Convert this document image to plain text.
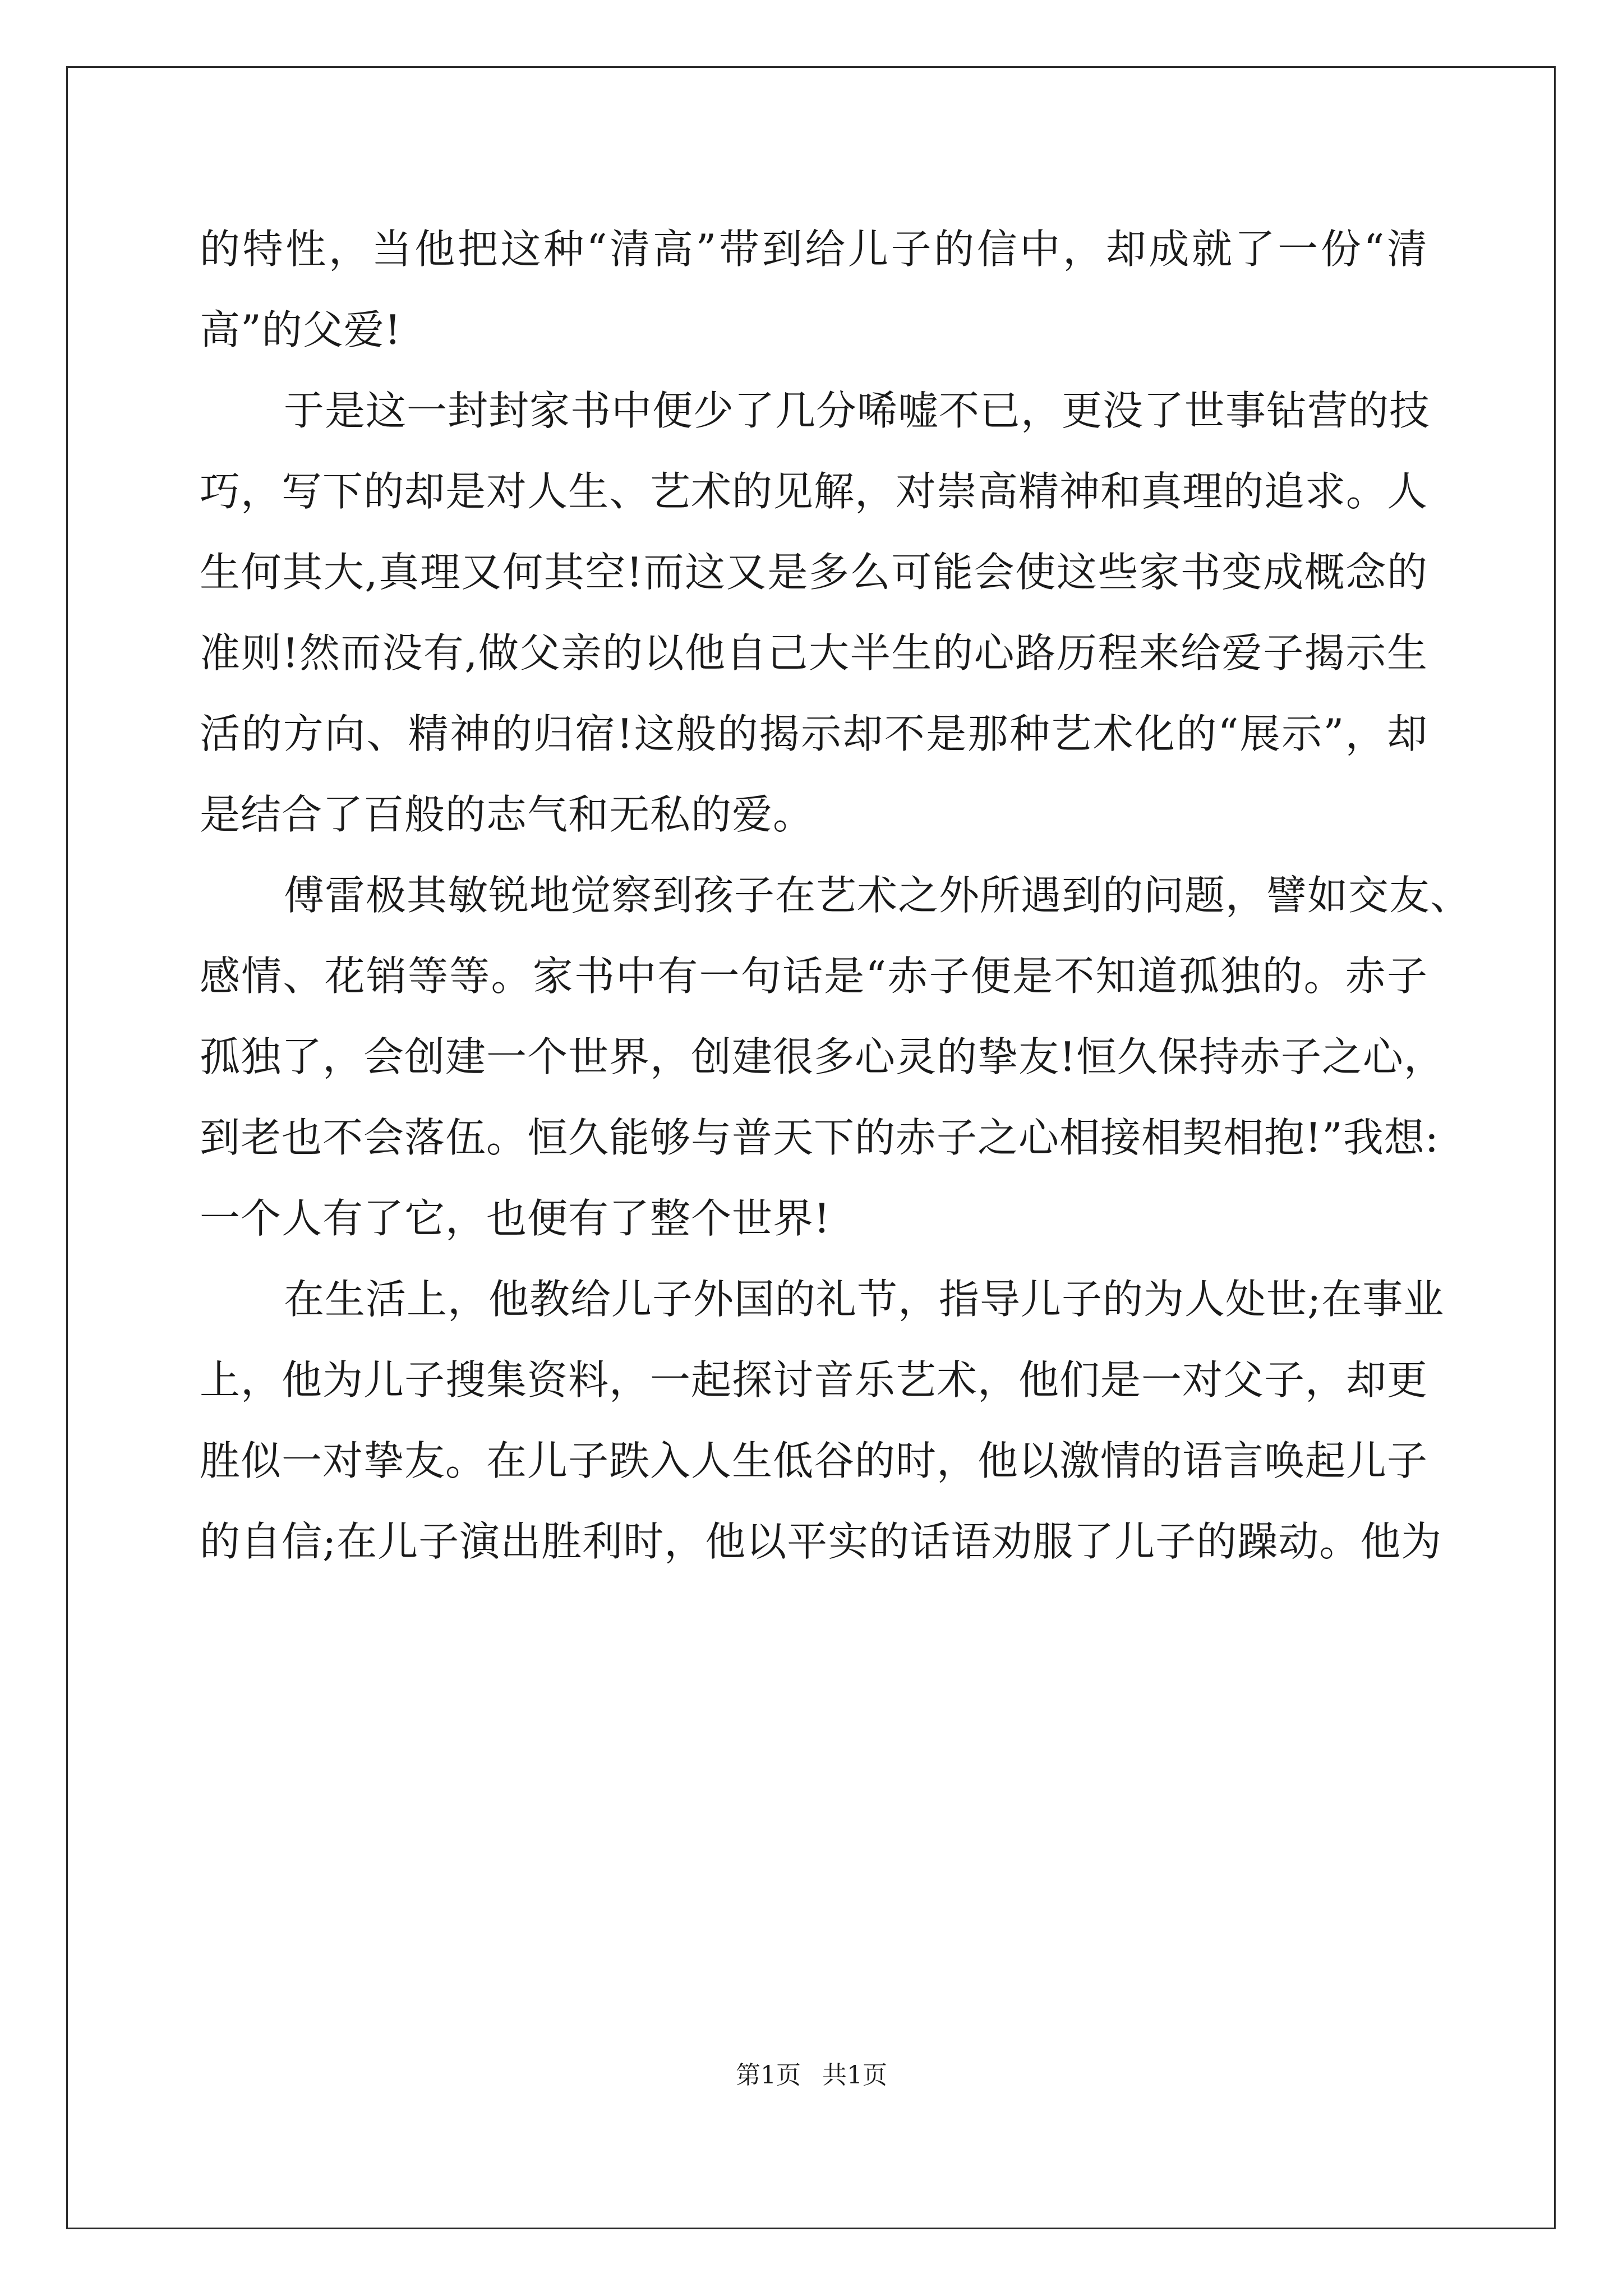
的特性，当他把这种“清高”带到给儿子的信中，却成就了一份“清
高”的父爱!
于是这一封封家书中便少了几分唏嘘不已，更没了世事钻营的技
巧，写下的却是对人生、艺术的见解，对崇高精神和真理的追求。人
生何其大,真理又何其空!而这又是多么可能会使这些家书变成概念的
准则!然而没有,做父亲的以他自己大半生的心路历程来给爱子揭示生
活的方向、精神的归宿!这般的揭示却不是那种艺术化的“展示”，却
是结合了百般的志气和无私的爱。
傅雷极其敏锐地觉察到孩子在艺术之外所遇到的问题，譬如交友、
感情、花销等等。家书中有一句话是“赤子便是不知道孤独的。赤子
孤独了，会创建一个世界，创建很多心灵的挚友!恒久保持赤子之心，
到老也不会落伍。恒久能够与普天下的赤子之心相接相契相抱!”我想:
一个人有了它，也便有了整个世界!
在生活上，他教给儿子外国的礼节，指导儿子的为人处世;在事业
上，他为儿子搜集资料，一起探讨音乐艺术，他们是一对父子，却更
胜似一对挚友。在儿子跌入人生低谷的时，他以激情的语言唤起儿子
的自信;在儿子演出胜利时，他以平实的话语劝服了儿子的躁动。他为
第1页 共1页
